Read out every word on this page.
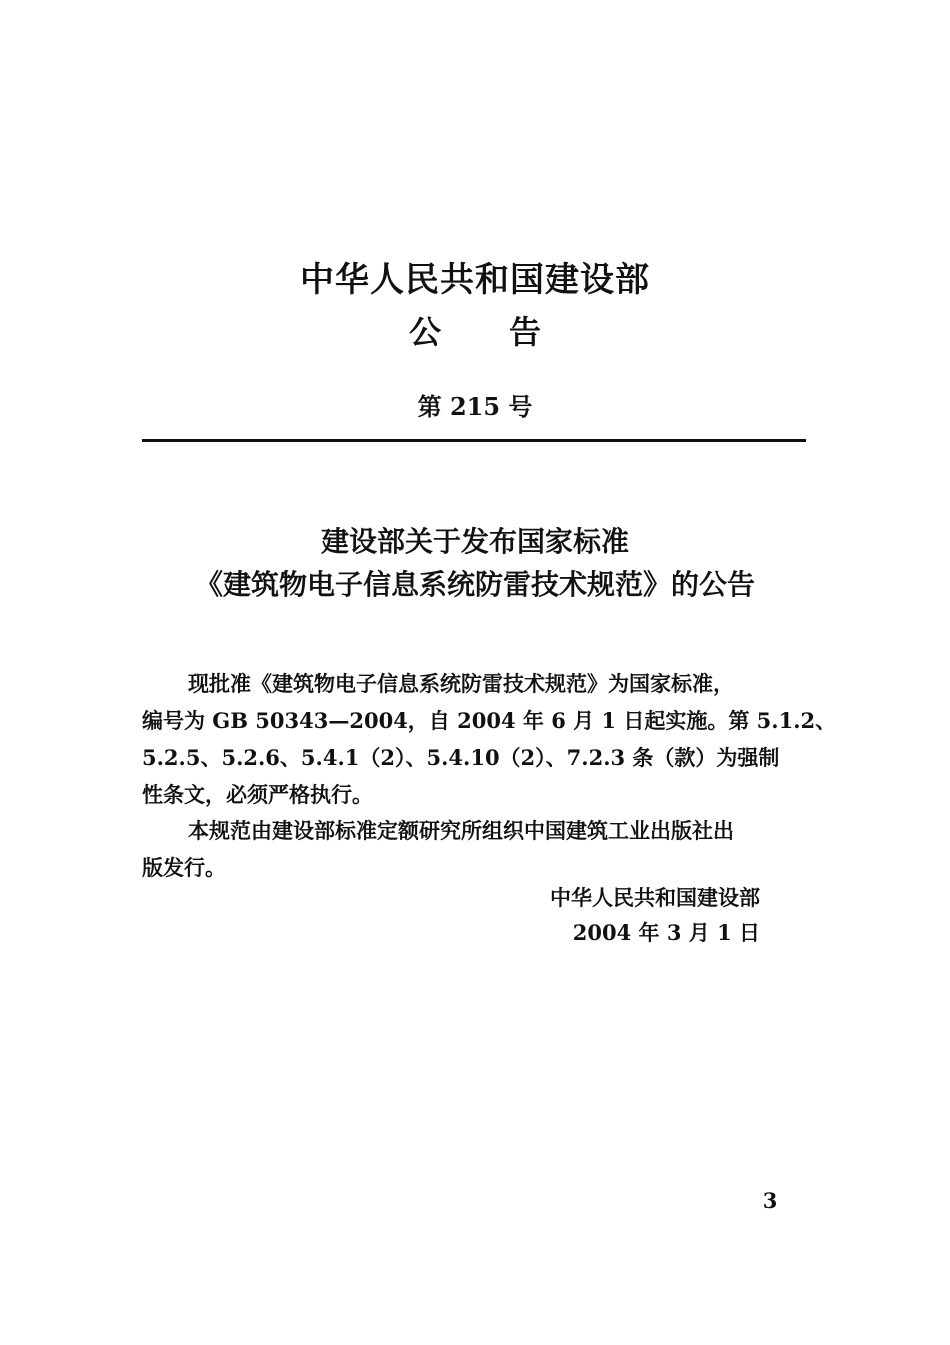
中华人民共和国建设部
公告
第 215 号
建设部关于发布国家标准
《建筑物电子信息系统防雷技术规范》的公告
现批准《建筑物电子信息系统防雷技术规范》为国家标准，
编号为 GB 50343—2004，自 2004 年 6 月 1 日起实施。第 5.1.2、
5.2.5、5.2.6、5.4.1（2）、5.4.10（2）、7.2.3 条（款）为强制
性条文，必须严格执行。
本规范由建设部标准定额研究所组织中国建筑工业出版社出
版发行。
中华人民共和国建设部
2004 年 3 月 1 日
3
